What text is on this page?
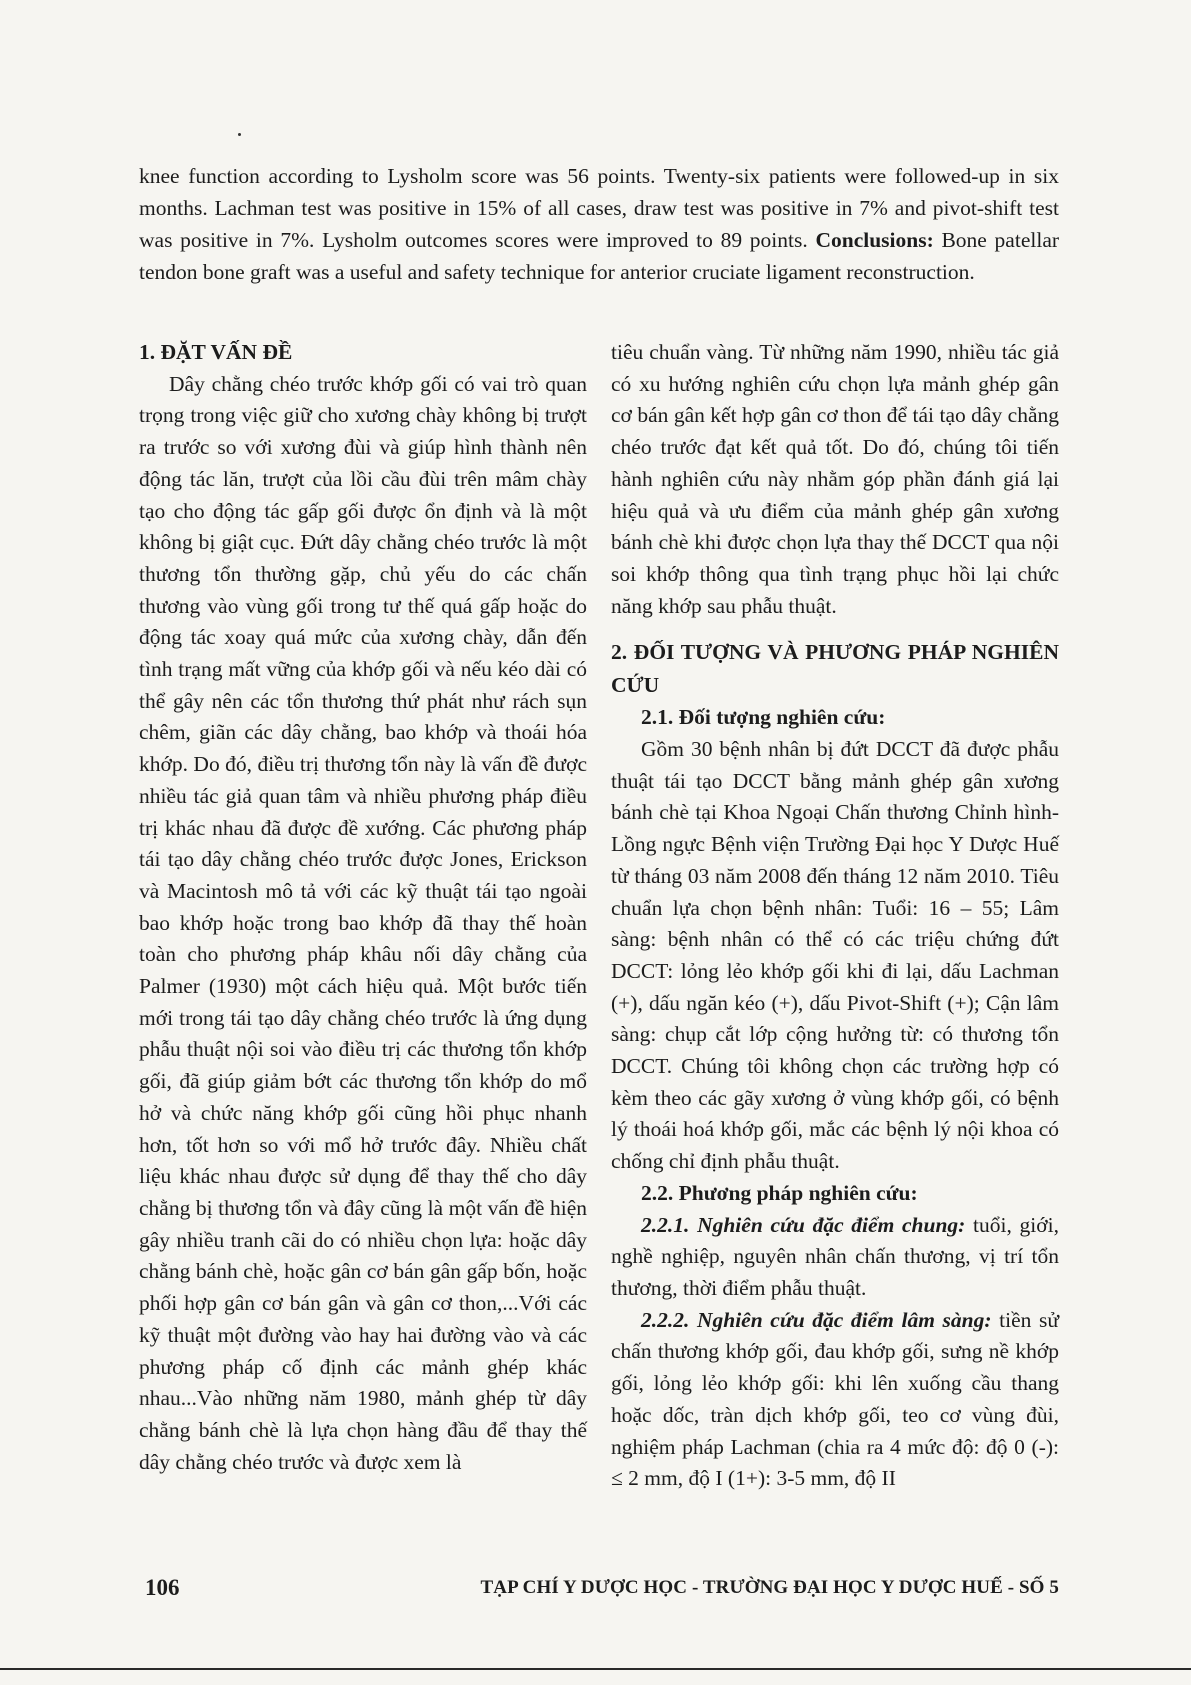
knee function according to Lysholm score was 56 points. Twenty-six patients were followed-up in six months. Lachman test was positive in 15% of all cases, draw test was positive in 7% and pivot-shift test was positive in 7%. Lysholm outcomes scores were improved to 89 points. Conclusions: Bone patellar tendon bone graft was a useful and safety technique for anterior cruciate ligament reconstruction.
1. ĐẶT VẤN ĐỀ

Dây chằng chéo trước khớp gối có vai trò quan trọng trong việc giữ cho xương chày không bị trượt ra trước so với xương đùi và giúp hình thành nên động tác lăn, trượt của lồi cầu đùi trên mâm chày tạo cho động tác gấp gối được ổn định và là một không bị giật cục. Đứt dây chằng chéo trước là một thương tổn thường gặp, chủ yếu do các chấn thương vào vùng gối trong tư thế quá gấp hoặc do động tác xoay quá mức của xương chày, dẫn đến tình trạng mất vững của khớp gối và nếu kéo dài có thể gây nên các tổn thương thứ phát như rách sụn chêm, giãn các dây chằng, bao khớp và thoái hóa khớp. Do đó, điều trị thương tổn này là vấn đề được nhiều tác giả quan tâm và nhiều phương pháp điều trị khác nhau đã được đề xướng. Các phương pháp tái tạo dây chằng chéo trước được Jones, Erickson và Macintosh mô tả với các kỹ thuật tái tạo ngoài bao khớp hoặc trong bao khớp đã thay thế hoàn toàn cho phương pháp khâu nối dây chằng của Palmer (1930) một cách hiệu quả. Một bước tiến mới trong tái tạo dây chằng chéo trước là ứng dụng phẫu thuật nội soi vào điều trị các thương tổn khớp gối, đã giúp giảm bớt các thương tổn khớp do mổ hở và chức năng khớp gối cũng hồi phục nhanh hơn, tốt hơn so với mổ hở trước đây. Nhiều chất liệu khác nhau được sử dụng để thay thế cho dây chằng bị thương tổn và đây cũng là một vấn đề hiện gây nhiều tranh cãi do có nhiều chọn lựa: hoặc dây chằng bánh chè, hoặc gân cơ bán gân gấp bốn, hoặc phối hợp gân cơ bán gân và gân cơ thon,...Với các kỹ thuật một đường vào hay hai đường vào và các phương pháp cố định các mảnh ghép khác nhau...Vào những năm 1980, mảnh ghép từ dây chằng bánh chè là lựa chọn hàng đầu để thay thế dây chằng chéo trước và được xem là

tiêu chuẩn vàng. Từ những năm 1990, nhiều tác giả có xu hướng nghiên cứu chọn lựa mảnh ghép gân cơ bán gân kết hợp gân cơ thon để tái tạo dây chằng chéo trước đạt kết quả tốt. Do đó, chúng tôi tiến hành nghiên cứu này nhằm góp phần đánh giá lại hiệu quả và ưu điểm của mảnh ghép gân xương bánh chè khi được chọn lựa thay thế DCCT qua nội soi khớp thông qua tình trạng phục hồi lại chức năng khớp sau phẫu thuật.

2. ĐỐI TƯỢNG VÀ PHƯƠNG PHÁP NGHIÊN CỨU
2.1. Đối tượng nghiên cứu:

Gồm 30 bệnh nhân bị đứt DCCT đã được phẫu thuật tái tạo DCCT bằng mảnh ghép gân xương bánh chè tại Khoa Ngoại Chấn thương Chỉnh hình-Lồng ngực Bệnh viện Trường Đại học Y Dược Huế từ tháng 03 năm 2008 đến tháng 12 năm 2010. Tiêu chuẩn lựa chọn bệnh nhân: Tuổi: 16 – 55; Lâm sàng: bệnh nhân có thể có các triệu chứng đứt DCCT: lỏng lẻo khớp gối khi đi lại, dấu Lachman (+), dấu ngăn kéo (+), dấu Pivot-Shift (+); Cận lâm sàng: chụp cắt lớp cộng hưởng từ: có thương tổn DCCT. Chúng tôi không chọn các trường hợp có kèm theo các gãy xương ở vùng khớp gối, có bệnh lý thoái hoá khớp gối, mắc các bệnh lý nội khoa có chống chỉ định phẫu thuật.

2.2. Phương pháp nghiên cứu:

2.2.1. Nghiên cứu đặc điểm chung: tuổi, giới, nghề nghiệp, nguyên nhân chấn thương, vị trí tổn thương, thời điểm phẫu thuật.

2.2.2. Nghiên cứu đặc điểm lâm sàng: tiền sử chấn thương khớp gối, đau khớp gối, sưng nề khớp gối, lỏng lẻo khớp gối: khi lên xuống cầu thang hoặc dốc, tràn dịch khớp gối, teo cơ vùng đùi, nghiệm pháp Lachman (chia ra 4 mức độ: độ 0 (-): ≤ 2 mm, độ I (1+): 3-5 mm, độ II

106	TẠP CHÍ Y DƯỢC HỌC - TRƯỜNG ĐẠI HỌC Y DƯỢC HUẾ - SỐ 5
